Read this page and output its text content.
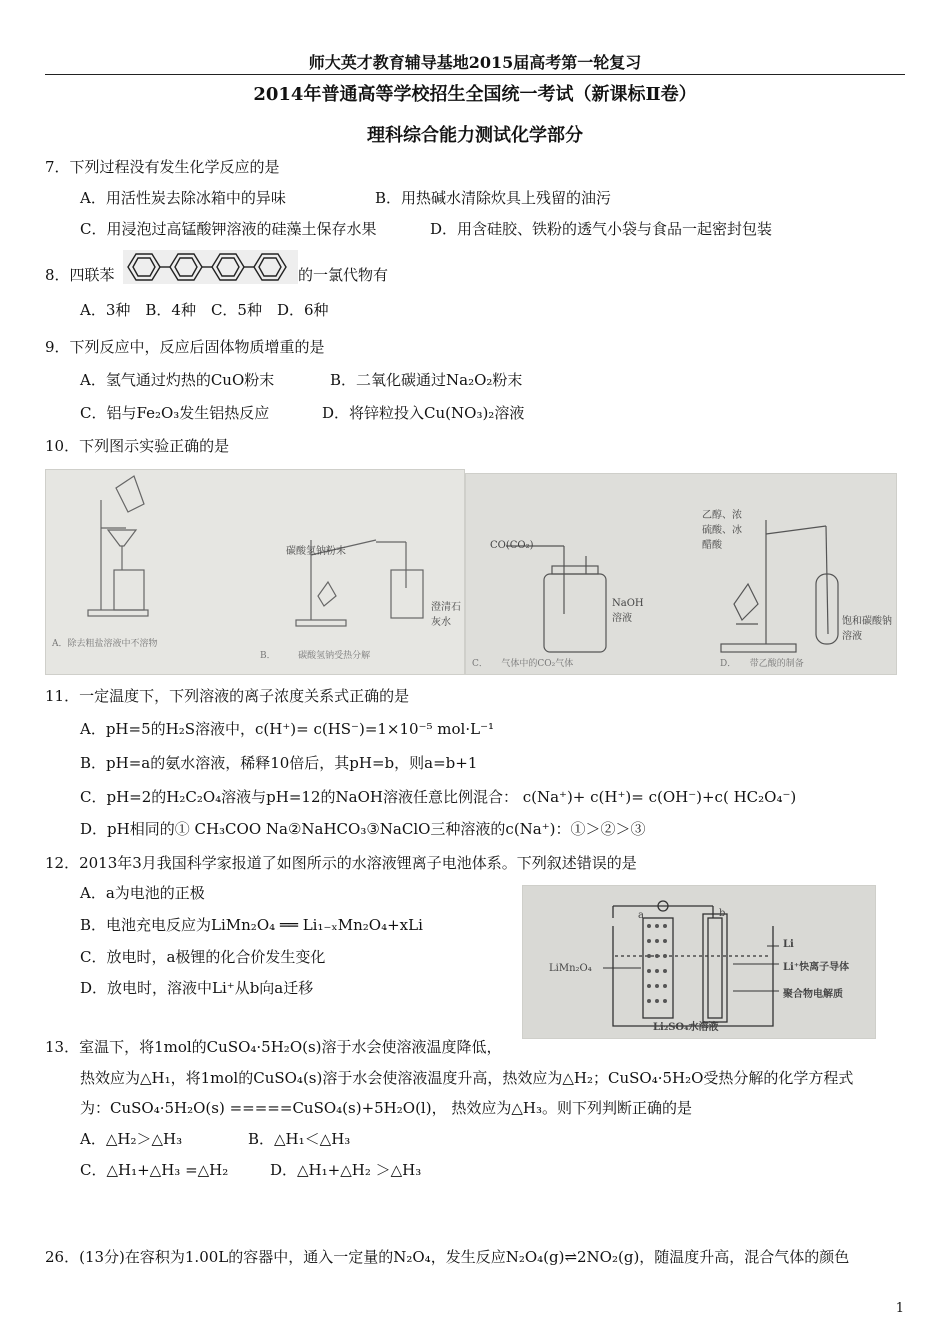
师大英才教育辅导基地2015届高考第一轮复习
2014年普通高等学校招生全国统一考试（新课标Ⅱ卷）
理科综合能力测试化学部分
7．下列过程没有发生化学反应的是
A．用活性炭去除冰箱中的异味	B．用热碱水清除炊具上残留的油污
C．用浸泡过高锰酸钾溶液的硅藻土保存水果	D．用含硅胶、铁粉的透气小袋与食品一起密封包装
8．四联苯	的一氯代物有
A．3种　B．4种　C．5种　D．6种
9．下列反应中，反应后固体物质增重的是
A．氢气通过灼热的CuO粉末	B．二氧化碳通过Na₂O₂粉末
C．铝与Fe₂O₃发生铝热反应	D．将锌粒投入Cu(NO₃)₂溶液
10．下列图示实验正确的是
碳酸氢钠粉末
澄清石灰水
A．除去粗盐溶液中不溶物
B．　　　碳酸氢钠受热分解
CO(CO₂)
NaOH溶液
乙醇、浓硫酸、冰醋酸
饱和碳酸钠溶液
C．　　气体中的CO₂气体	D．　　带乙酸的制备
11．一定温度下，下列溶液的离子浓度关系式正确的是
A．pH=5的H₂S溶液中，c(H⁺)= c(HS⁻)=1×10⁻⁵ mol·L⁻¹
B．pH=a的氨水溶液，稀释10倍后，其pH=b，则a=b+1
C．pH=2的H₂C₂O₄溶液与pH=12的NaOH溶液任意比例混合： c(Na⁺)+ c(H⁺)= c(OH⁻)+c( HC₂O₄⁻)
D．pH相同的① CH₃COO Na②NaHCO₃③NaClO三种溶液的c(Na⁺)：①＞②＞③
12．2013年3月我国科学家报道了如图所示的水溶液锂离子电池体系。下列叙述错误的是
A．a为电池的正极
B．电池充电反应为LiMn₂O₄ ══ Li₁₋ₓMn₂O₄+xLi
C．放电时，a极锂的化合价发生变化
D．放电时，溶液中Li⁺从b向a迁移
a	b
LiMn₂O₄
Li
Li⁺快离子导体
聚合物电解质
Li₂SO₄水溶液
13．室温下，将1mol的CuSO₄·5H₂O(s)溶于水会使溶液温度降低，
热效应为△H₁，将1mol的CuSO₄(s)溶于水会使溶液温度升高，热效应为△H₂；CuSO₄·5H₂O受热分解的化学方程式
为：CuSO₄·5H₂O(s) =====CuSO₄(s)+5H₂O(l)， 热效应为△H₃。则下列判断正确的是
A．△H₂＞△H₃	B．△H₁＜△H₃
C．△H₁+△H₃ =△H₂	D．△H₁+△H₂ ＞△H₃
26．(13分)在容积为1.00L的容器中，通入一定量的N₂O₄，发生反应N₂O₄(g)⇌2NO₂(g)，随温度升高，混合气体的颜色
1
